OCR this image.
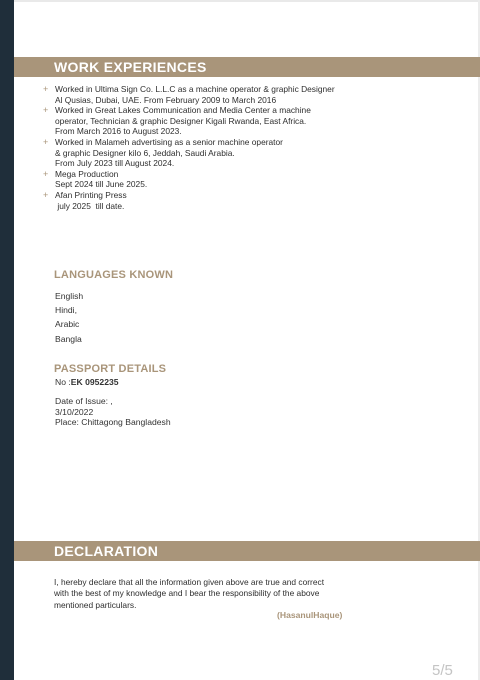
WORK EXPERIENCES
+ Worked in Ultima Sign Co. L.L.C as a machine operator & graphic Designer
Al Qusias, Dubai, UAE. From February 2009 to March 2016
+ Worked in Great Lakes Communication and Media Center a machine
operator, Technician & graphic Designer Kigali Rwanda, East Africa.
From March 2016 to August 2023.
+ Worked in Malameh advertising as a senior machine operator
& graphic Designer kilo 6, Jeddah, Saudi Arabia.
From July 2023 till August 2024.
+ Mega Production
Sept 2024 till June 2025.
+ Afan Printing Press
july 2025  till date.
LANGUAGES KNOWN
English
Hindi,
Arabic
Bangla
PASSPORT DETAILS
No :EK 0952235
Date of Issue: ,
3/10/2022
Place: Chittagong Bangladesh
DECLARATION
I, hereby declare that all the information given above are true and correct
with the best of my knowledge and I bear the responsibility of the above
mentioned particulars.
(HasanulHaque)
5/5
